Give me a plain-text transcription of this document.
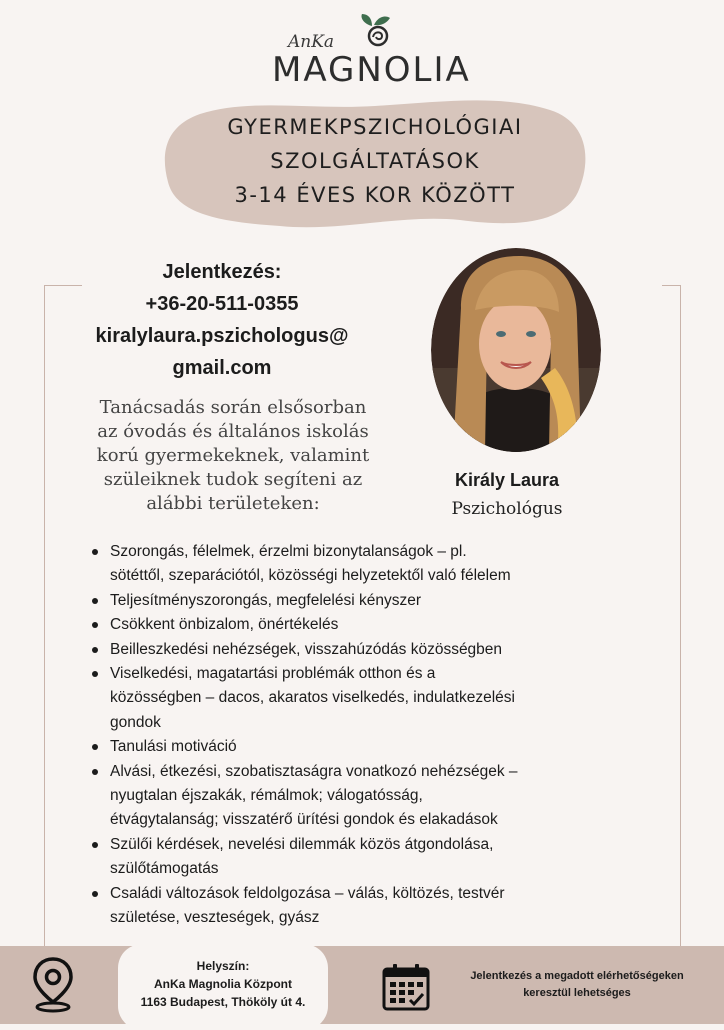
AnKa
MAGNOLIA
GYERMEKPSZICHOLÓGIAI
SZOLGÁLTATÁSOK
3-14 ÉVES KOR KÖZÖTT
Jelentkezés:
+36-20-511-0355
kiralylaura.pszichologus@
gmail.com
Tanácsadás során elsősorban
az óvodás és általános iskolás
korú gyermekeknek, valamint
szüleiknek tudok segíteni az
alábbi területeken:
Király Laura
Pszichológus
Szorongás, félelmek, érzelmi bizonytalanságok – pl.
sötéttől, szeparációtól, közösségi helyzetektől való félelem
Teljesítményszorongás, megfelelési kényszer
Csökkent önbizalom, önértékelés
Beilleszkedési nehézségek, visszahúzódás közösségben
Viselkedési, magatartási problémák otthon és a
közösségben – dacos, akaratos viselkedés, indulatkezelési
gondok
Tanulási motiváció
Alvási, étkezési, szobatisztaságra vonatkozó nehézségek –
nyugtalan éjszakák, rémálmok; válogatósság,
étvágytalanság; visszatérő ürítési gondok és elakadások
Szülői kérdések, nevelési dilemmák közös átgondolása,
szülőtámogatás
Családi változások feldolgozása – válás, költözés, testvér
születése, veszteségek, gyász
Helyszín:
AnKa Magnolia Központ
1163 Budapest, Thököly út 4.
Jelentkezés a megadott elérhetőségeken
keresztül lehetséges
